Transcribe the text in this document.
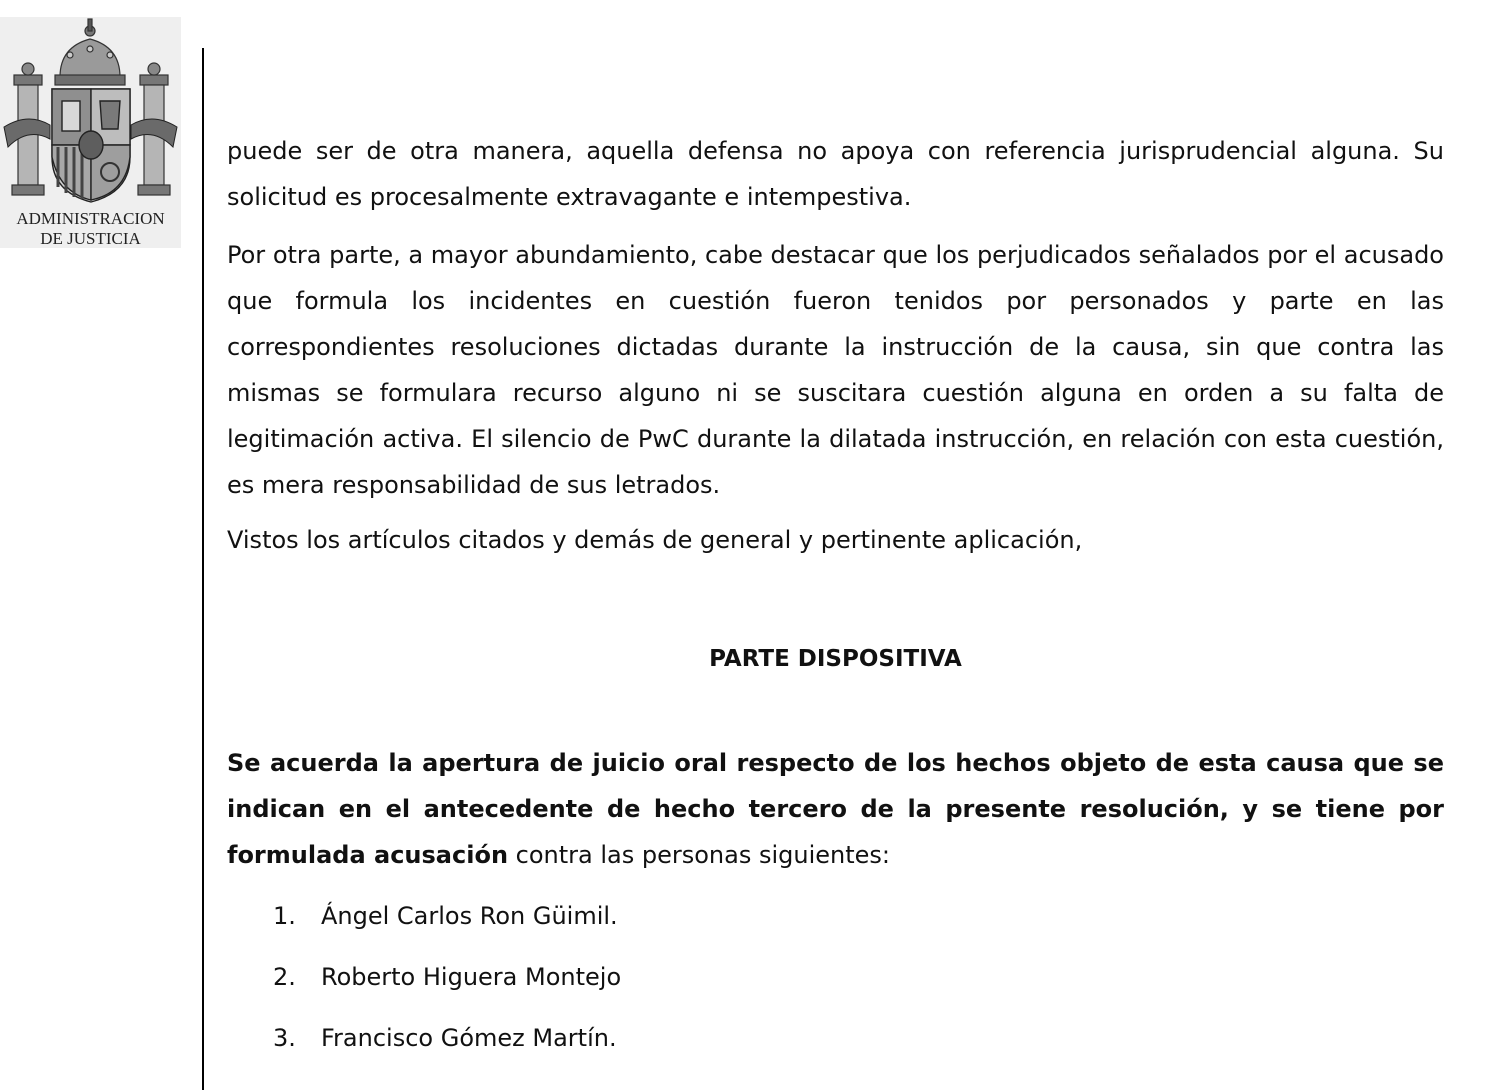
ADMINISTRACION
DE JUSTICIA

puede ser de otra manera, aquella defensa no apoya con referencia jurisprudencial alguna. Su solicitud es procesalmente extravagante e intempestiva.

Por otra parte, a mayor abundamiento, cabe destacar que los perjudicados señalados por el acusado que formula los incidentes en cuestión fueron tenidos por personados y parte en las correspondientes resoluciones dictadas durante la instrucción de la causa, sin que contra las mismas se formulara recurso alguno ni se suscitara cuestión alguna en orden a su falta de legitimación activa. El silencio de PwC durante la dilatada instrucción, en relación con esta cuestión, es mera responsabilidad de sus letrados.

Vistos los artículos citados y demás de general y pertinente aplicación,

PARTE DISPOSITIVA

Se acuerda la apertura de juicio oral respecto de los hechos objeto de esta causa que se indican en el antecedente de hecho tercero de la presente resolución, y se tiene por formulada acusación contra las personas siguientes:

1. Ángel Carlos Ron Güimil.
2. Roberto Higuera Montejo
3. Francisco Gómez Martín.
